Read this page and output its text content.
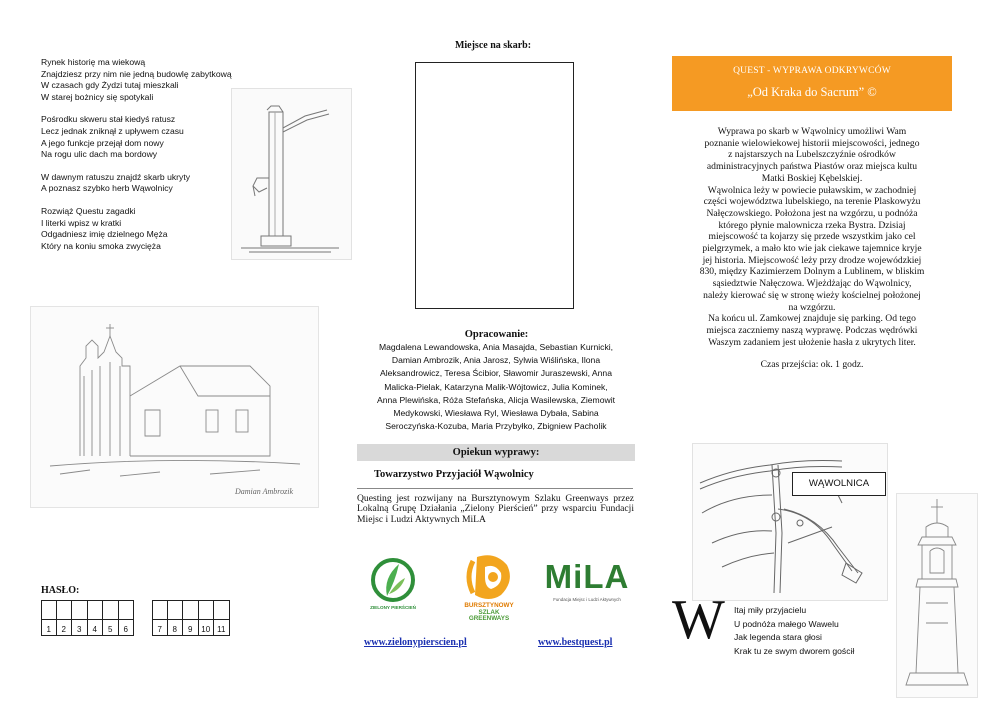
Rynek historię ma wiekową
Znajdziesz przy nim nie jedną budowlę zabytkową
W czasach gdy Żydzi tutaj mieszkali
W starej bożnicy się spotykali

Pośrodku skweru stał kiedyś ratusz
Lecz jednak zniknął z upływem czasu
A jego funkcje przejął dom nowy
Na rogu ulic dach ma bordowy

W dawnym ratuszu znajdź skarb ukryty
A poznasz szybko herb Wąwolnicy

Rozwiąż Questu zagadki
I literki wpisz w kratki
Odgadniesz imię dzielnego Męża
Który na koniu smoka zwycięża

Damian Ambrozik
HASŁO:
1	2	3	4	5	6	7	8	9	10 11
Miejsce na skarb:
Opracowanie:
Magdalena Lewandowska, Ania Masajda, Sebastian Kurnicki,
Damian Ambrozik, Ania Jarosz, Sylwia Wiślińska, Ilona
Aleksandrowicz, Teresa Ścibior, Sławomir Juraszewski, Anna
Malicka-Pielak, Katarzyna Malik-Wójtowicz, Julia Kominek,
Anna Plewińska, Róża Stefańska, Alicja Wasilewska, Ziemowit
Medykowski, Wiesława Ryl, Wiesława Dybała, Sabina
Seroczyńska-Kozuba, Maria Przybyłko, Zbigniew Pacholik
Opiekun wyprawy:
Towarzystwo Przyjaciół Wąwolnicy
Questing jest rozwijany na Bursztynowym Szlaku Greenways przez Lokalną Grupę Działania „Zielony Pierścień” przy wsparciu Fundacji Miejsc i Ludzi Aktywnych MiLA
ZIELONY PIERŚCIEŃ	BURSZTYNOWY
SZLAK
GREENWAYS
MiLA
Fundacja Miejsc i Ludzi Aktywnych
www.zielonypierscien.pl	www.bestquest.pl
QUEST - WYPRAWA ODKRYWCÓW
„Od Kraka do Sacrum” ©
Wyprawa po skarb w Wąwolnicy umożliwi Wam
poznanie wielowiekowej historii miejscowości, jednego
z najstarszych na Lubelszczyźnie ośrodków
administracyjnych państwa Piastów oraz miejsca kultu
Matki Boskiej Kębelskiej.
Wąwolnica leży w powiecie puławskim, w zachodniej
części województwa lubelskiego, na terenie Plaskowyżu
Nałęczowskiego. Położona jest na wzgórzu, u podnóża
którego płynie malownicza rzeka Bystra. Dzisiaj
miejscowość ta kojarzy się przede wszystkim jako cel
pielgrzymek, a mało kto wie jak ciekawe tajemnice kryje
jej historia. Miejscowość leży przy drodze wojewódzkiej
830, między Kazimierzem Dolnym a Lublinem, w bliskim
sąsiedztwie Nałęczowa. Wjeżdżając do Wąwolnicy,
należy kierować się w stronę wieży kościelnej położonej
na wzgórzu.
Na końcu ul. Zamkowej znajduje się parking. Od tego
miejsca zaczniemy naszą wyprawę. Podczas wędrówki
Waszym zadaniem jest ułożenie hasła z ukrytych liter.
Czas przejścia: ok. 1 godz.
WĄWOLNICA
W Itaj miły przyjacielu
U podnóża małego Wawelu
Jak legenda stara głosi
Krak tu ze swym dworem gościł
